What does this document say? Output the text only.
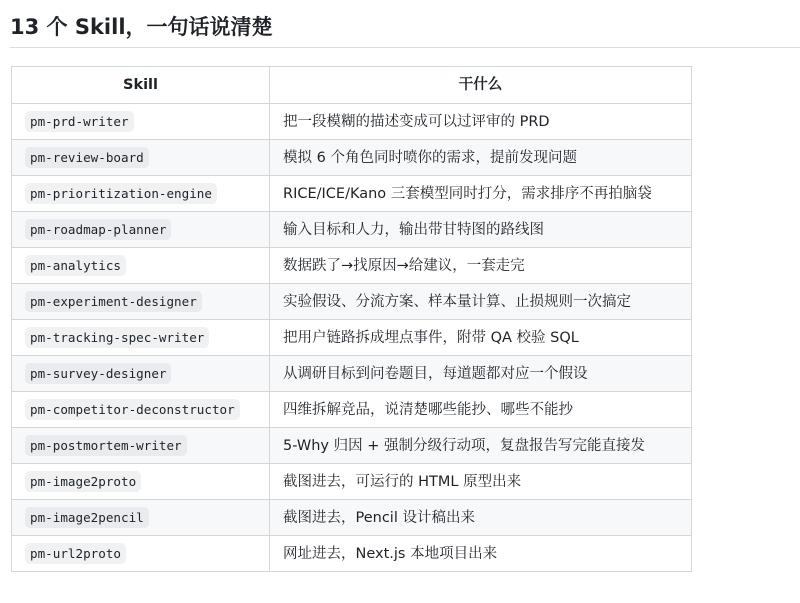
13 个 Skill，一句话说清楚
Skill	干什么
pm-prd-writer	把一段模糊的描述变成可以过评审的 PRD
pm-review-board	模拟 6 个角色同时喷你的需求，提前发现问题
pm-prioritization-engine	RICE/ICE/Kano 三套模型同时打分，需求排序不再拍脑袋
pm-roadmap-planner	输入目标和人力，输出带甘特图的路线图
pm-analytics	数据跌了→找原因→给建议，一套走完
pm-experiment-designer	实验假设、分流方案、样本量计算、止损规则一次搞定
pm-tracking-spec-writer	把用户链路拆成埋点事件，附带 QA 校验 SQL
pm-survey-designer	从调研目标到问卷题目，每道题都对应一个假设
pm-competitor-deconstructor	四维拆解竞品，说清楚哪些能抄、哪些不能抄
pm-postmortem-writer	5-Why 归因 + 强制分级行动项，复盘报告写完能直接发
pm-image2proto	截图进去，可运行的 HTML 原型出来
pm-image2pencil	截图进去，Pencil 设计稿出来
pm-url2proto	网址进去，Next.js 本地项目出来
